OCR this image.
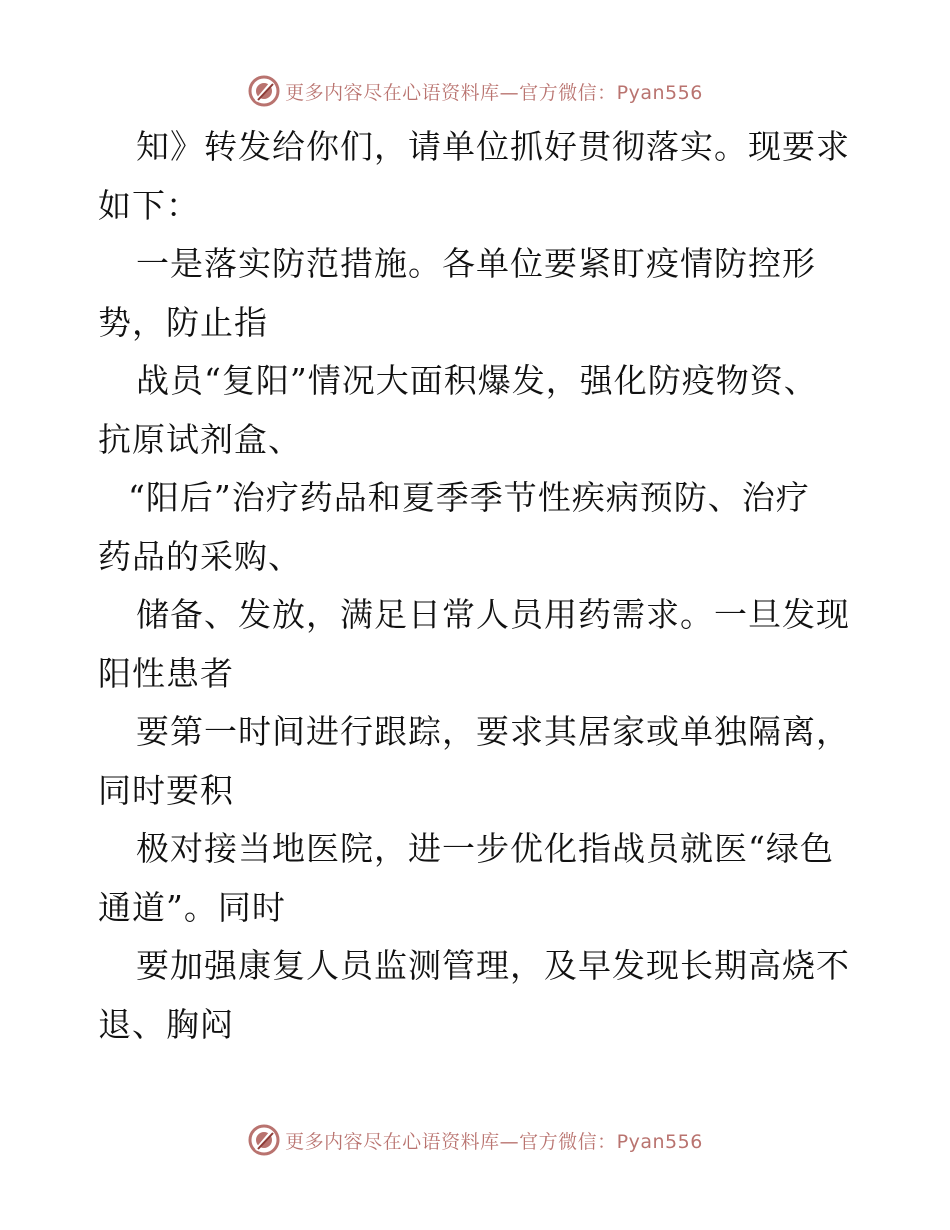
更多内容尽在心语资料库— 官方微信：Pyan556
知》转发给你们，请单位抓好贯彻落实。现要求
如下：
一是落实防范措施。各单位要紧盯疫情防控形
势，防止指
战员“复阳”情况大面积爆发，强化防疫物资、
抗原试剂盒、
“阳后”治疗药品和夏季季节性疾病预防、治疗
药品的采购、
储备、发放，满足日常人员用药需求。一旦发现
阳性患者
要第一时间进行跟踪，要求其居家或单独隔离，
同时要积
极对接当地医院，进一步优化指战员就医“绿色
通道”。同时
要加强康复人员监测管理，及早发现长期高烧不
退、胸闷
更多内容尽在心语资料库— 官方微信：Pyan556
